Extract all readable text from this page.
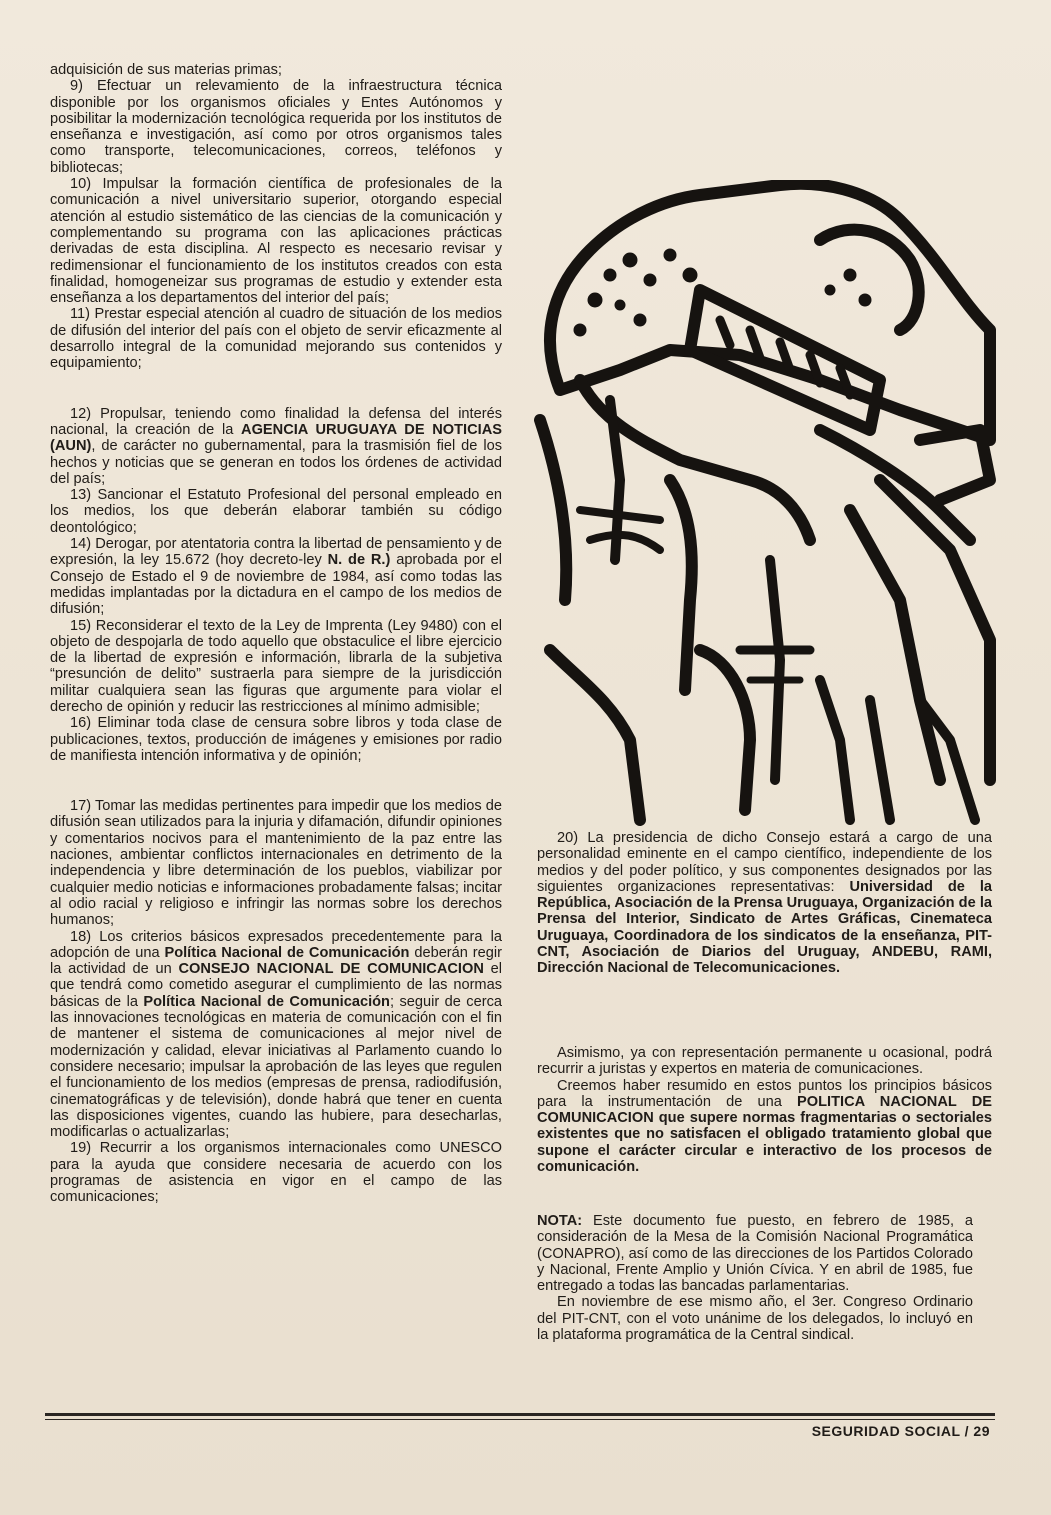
adquisición de sus materias primas;

9) Efectuar un relevamiento de la infraestructura técnica disponible por los organismos oficiales y Entes Autónomos y posibilitar la modernización tecnológica requerida por los institutos de enseñanza e investigación, así como por otros organismos tales como transporte, telecomunicaciones, correos, teléfonos y bibliotecas;

10) Impulsar la formación científica de profesionales de la comunicación a nivel universitario superior, otorgando especial atención al estudio sistemático de las ciencias de la comunicación y complementando su programa con las aplicaciones prácticas derivadas de esta disciplina. Al respecto es necesario revisar y redimensionar el funcionamiento de los institutos creados con esta finalidad, homogeneizar sus programas de estudio y extender esta enseñanza a los departamentos del interior del país;

11) Prestar especial atención al cuadro de situación de los medios de difusión del interior del país con el objeto de servir eficazmente al desarrollo integral de la comunidad mejorando sus contenidos y equipamiento;

12) Propulsar, teniendo como finalidad la defensa del interés nacional, la creación de la AGENCIA URUGUAYA DE NOTICIAS (AUN), de carácter no gubernamental, para la trasmisión fiel de los hechos y noticias que se generan en todos los órdenes de actividad del país;

13) Sancionar el Estatuto Profesional del personal empleado en los medios, los que deberán elaborar también su código deontológico;

14) Derogar, por atentatoria contra la libertad de pensamiento y de expresión, la ley 15.672 (hoy decreto-ley N. de R.) aprobada por el Consejo de Estado el 9 de noviembre de 1984, así como todas las medidas implantadas por la dictadura en el campo de los medios de difusión;

15) Reconsiderar el texto de la Ley de Imprenta (Ley 9480) con el objeto de despojarla de todo aquello que obstaculice el libre ejercicio de la libertad de expresión e información, librarla de la subjetiva “presunción de delito” sustraerla para siempre de la jurisdicción militar cualquiera sean las figuras que argumente para violar el derecho de opinión y reducir las restricciones al mínimo admisible;

16) Eliminar toda clase de censura sobre libros y toda clase de publicaciones, textos, producción de imágenes y emisiones por radio de manifiesta intención informativa y de opinión;

17) Tomar las medidas pertinentes para impedir que los medios de difusión sean utilizados para la injuria y difamación, difundir opiniones y comentarios nocivos para el mantenimiento de la paz entre las naciones, ambientar conflictos internacionales en detrimento de la independencia y libre determinación de los pueblos, viabilizar por cualquier medio noticias e informaciones probadamente falsas; incitar al odio racial y religioso e infringir las normas sobre los derechos humanos;

18) Los criterios básicos expresados precedentemente para la adopción de una Política Nacional de Comunicación deberán regir la actividad de un CONSEJO NACIONAL DE COMUNICACION el que tendrá como cometido asegurar el cumplimiento de las normas básicas de la Política Nacional de Comunicación; seguir de cerca las innovaciones tecnológicas en materia de comunicación con el fin de mantener el sistema de comunicaciones al mejor nivel de modernización y calidad, elevar iniciativas al Parlamento cuando lo considere necesario; impulsar la aprobación de las leyes que regulen el funcionamiento de los medios (empresas de prensa, radiodifusión, cinematográficas y de televisión), donde habrá que tener en cuenta las disposiciones vigentes, cuando las hubiere, para desecharlas, modificarlas o actualizarlas;

19) Recurrir a los organismos internacionales como UNESCO para la ayuda que considere necesaria de acuerdo con los programas de asistencia en vigor en el campo de las comunicaciones;

20) La presidencia de dicho Consejo estará a cargo de una personalidad eminente en el campo científico, independiente de los medios y del poder político, y sus componentes designados por las siguientes organizaciones representativas: Universidad de la República, Asociación de la Prensa Uruguaya, Organización de la Prensa del Interior, Sindicato de Artes Gráficas, Cinemateca Uruguaya, Coordinadora de los sindicatos de la enseñanza, PIT-CNT, Asociación de Diarios del Uruguay, ANDEBU, RAMI, Dirección Nacional de Telecomunicaciones.

Asimismo, ya con representación permanente u ocasional, podrá recurrir a juristas y expertos en materia de comunicaciones.

Creemos haber resumido en estos puntos los principios básicos para la instrumentación de una POLITICA NACIONAL DE COMUNICACION que supere normas fragmentarias o sectoriales existentes que no satisfacen el obligado tratamiento global que supone el carácter circular e interactivo de los procesos de comunicación.

NOTA: Este documento fue puesto, en febrero de 1985, a consideración de la Mesa de la Comisión Nacional Programática (CONAPRO), así como de las direcciones de los Partidos Colorado y Nacional, Frente Amplio y Unión Cívica. Y en abril de 1985, fue entregado a todas las bancadas parlamentarias.

En noviembre de ese mismo año, el 3er. Congreso Ordinario del PIT-CNT, con el voto unánime de los delegados, lo incluyó en la plataforma programática de la Central sindical.

SEGURIDAD SOCIAL / 29
